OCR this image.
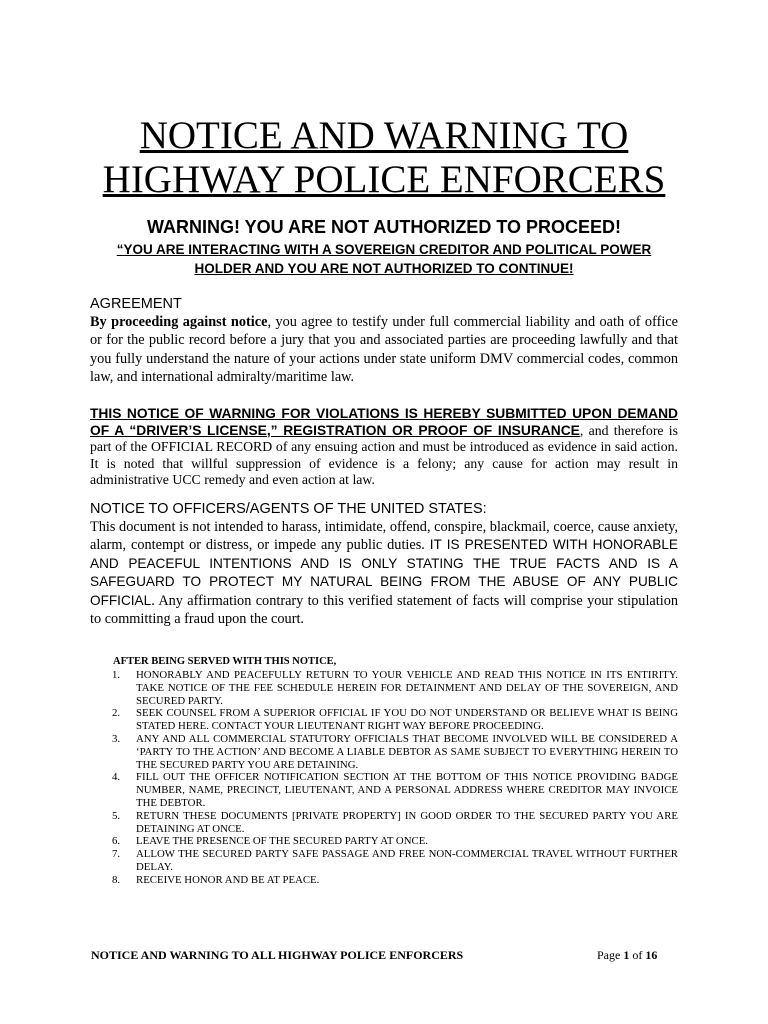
NOTICE AND WARNING TO
HIGHWAY POLICE ENFORCERS

WARNING! YOU ARE NOT AUTHORIZED TO PROCEED!

“YOU ARE INTERACTING WITH A SOVEREIGN CREDITOR AND POLITICAL POWER HOLDER AND YOU ARE NOT AUTHORIZED TO CONTINUE!

AGREEMENT

By proceeding against notice, you agree to testify under full commercial liability and oath of office or for the public record before a jury that you and associated parties are proceeding lawfully and that you fully understand the nature of your actions under state uniform DMV commercial codes, common law, and international admiralty/maritime law.

THIS NOTICE OF WARNING FOR VIOLATIONS IS HEREBY SUBMITTED UPON DEMAND OF A “DRIVER’S LICENSE,” REGISTRATION OR PROOF OF INSURANCE, and therefore is part of the OFFICIAL RECORD of any ensuing action and must be introduced as evidence in said action. It is noted that willful suppression of evidence is a felony; any cause for action may result in administrative UCC remedy and even action at law.

NOTICE TO OFFICERS/AGENTS OF THE UNITED STATES:

This document is not intended to harass, intimidate, offend, conspire, blackmail, coerce, cause anxiety, alarm, contempt or distress, or impede any public duties. IT IS PRESENTED WITH HONORABLE AND PEACEFUL INTENTIONS AND IS ONLY STATING THE TRUE FACTS AND IS A SAFEGUARD TO PROTECT MY NATURAL BEING FROM THE ABUSE OF ANY PUBLIC OFFICIAL. Any affirmation contrary to this verified statement of facts will comprise your stipulation to committing a fraud upon the court.

AFTER BEING SERVED WITH THIS NOTICE,

1. HONORABLY AND PEACEFULLY RETURN TO YOUR VEHICLE AND READ THIS NOTICE IN ITS ENTIRITY. TAKE NOTICE OF THE FEE SCHEDULE HEREIN FOR DETAINMENT AND DELAY OF THE SOVEREIGN, AND SECURED PARTY.
2. SEEK COUNSEL FROM A SUPERIOR OFFICIAL IF YOU DO NOT UNDERSTAND OR BELIEVE WHAT IS BEING STATED HERE. CONTACT YOUR LIEUTENANT RIGHT WAY BEFORE PROCEEDING.
3. ANY AND ALL COMMERCIAL STATUTORY OFFICIALS THAT BECOME INVOLVED WILL BE CONSIDERED A ‘PARTY TO THE ACTION’ AND BECOME A LIABLE DEBTOR AS SAME SUBJECT TO EVERYTHING HEREIN TO THE SECURED PARTY YOU ARE DETAINING.
4. FILL OUT THE OFFICER NOTIFICATION SECTION AT THE BOTTOM OF THIS NOTICE PROVIDING BADGE NUMBER, NAME, PRECINCT, LIEUTENANT, AND A PERSONAL ADDRESS WHERE CREDITOR MAY INVOICE THE DEBTOR.
5. RETURN THESE DOCUMENTS [PRIVATE PROPERTY] IN GOOD ORDER TO THE SECURED PARTY YOU ARE DETAINING AT ONCE.
6. LEAVE THE PRESENCE OF THE SECURED PARTY AT ONCE.
7. ALLOW THE SECURED PARTY SAFE PASSAGE AND FREE NON-COMMERCIAL TRAVEL WITHOUT FURTHER DELAY.
8. RECEIVE HONOR AND BE AT PEACE.
NOTICE AND WARNING TO ALL HIGHWAY POLICE ENFORCERS	Page 1 of 16
